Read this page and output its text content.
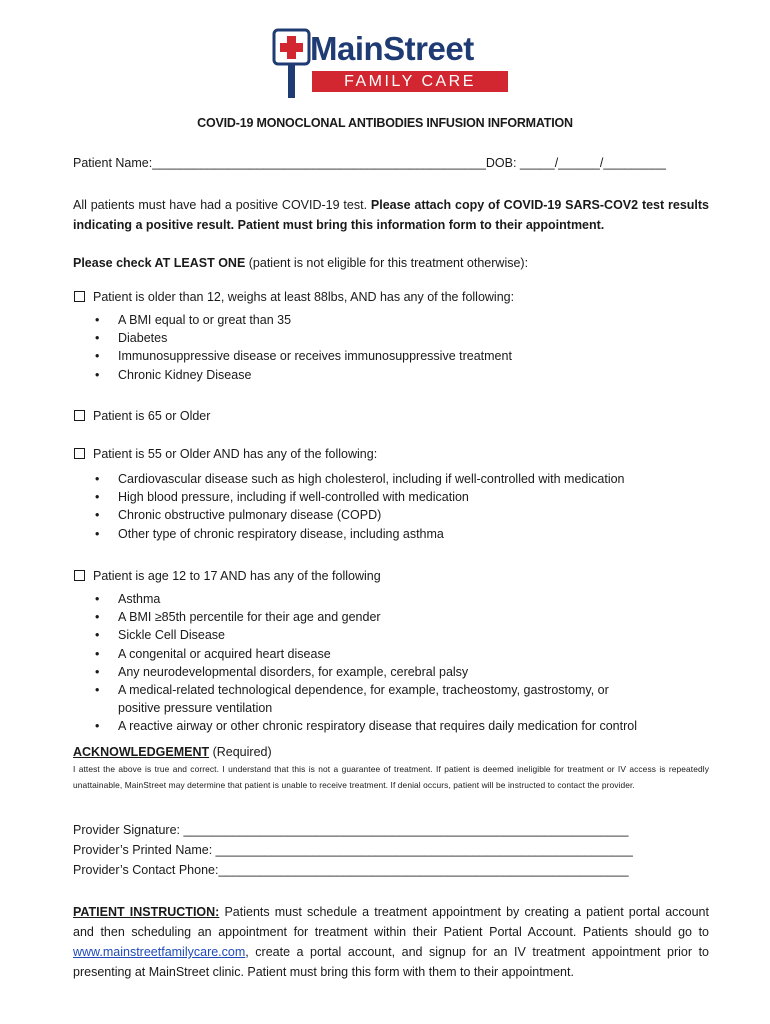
MainStreet
FAMILY CARE
COVID-19 MONOCLONAL ANTIBODIES INFUSION INFORMATION
Patient Name:________________________________________________DOB: _____/______/_________
All patients must have had a positive COVID-19 test. Please attach copy of COVID-19 SARS-COV2 test results indicating a positive result. Patient must bring this information form to their appointment.
Please check AT LEAST ONE (patient is not eligible for this treatment otherwise):
Patient is older than 12, weighs at least 88lbs, AND has any of the following:
• A BMI equal to or great than 35
• Diabetes
• Immunosuppressive disease or receives immunosuppressive treatment
• Chronic Kidney Disease
Patient is 65 or Older
Patient is 55 or Older AND has any of the following:
• Cardiovascular disease such as high cholesterol, including if well-controlled with medication
• High blood pressure, including if well-controlled with medication
• Chronic obstructive pulmonary disease (COPD)
• Other type of chronic respiratory disease, including asthma
Patient is age 12 to 17 AND has any of the following
• Asthma
• A BMI ≥85th percentile for their age and gender
• Sickle Cell Disease
• A congenital or acquired heart disease
• Any neurodevelopmental disorders, for example, cerebral palsy
• A medical-related technological dependence, for example, tracheostomy, gastrostomy, or positive pressure ventilation
• A reactive airway or other chronic respiratory disease that requires daily medication for control
ACKNOWLEDGEMENT (Required)
I attest the above is true and correct. I understand that this is not a guarantee of treatment. If patient is deemed ineligible for treatment or IV access is repeatedly unattainable, MainStreet may determine that patient is unable to receive treatment. If denial occurs, patient will be instructed to contact the provider.
Provider Signature: ________________________________________________________________
Provider’s Printed Name: ____________________________________________________________
Provider’s Contact Phone:___________________________________________________________
PATIENT INSTRUCTION: Patients must schedule a treatment appointment by creating a patient portal account and then scheduling an appointment for treatment within their Patient Portal Account. Patients should go to www.mainstreetfamilycare.com, create a portal account, and signup for an IV treatment appointment prior to presenting at MainStreet clinic. Patient must bring this form with them to their appointment.
